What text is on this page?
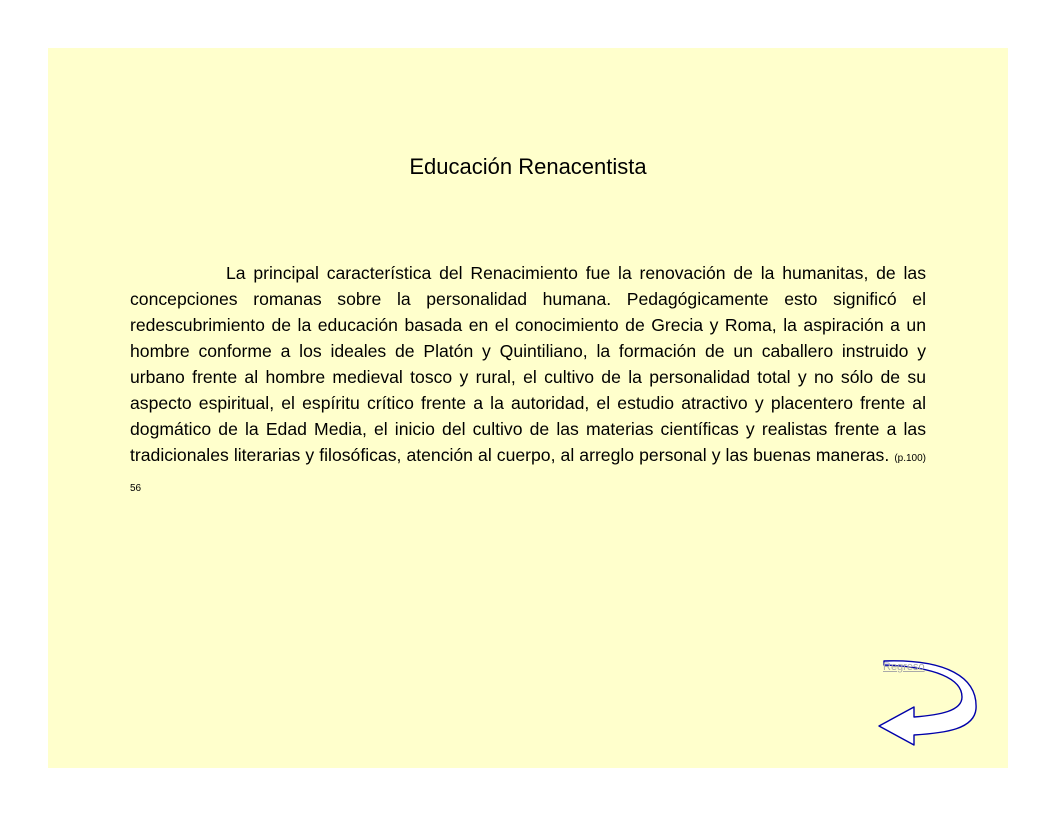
Educación Renacentista

La principal característica del Renacimiento fue la renovación de la humanitas, de las concepciones romanas sobre la personalidad humana. Pedagógicamente esto significó el redescubrimiento de la educación basada en el conocimiento de Grecia y Roma, la aspiración a un hombre conforme a los ideales de Platón y Quintiliano, la formación de un caballero instruido y urbano frente al hombre medieval tosco y rural, el cultivo de la personalidad total y no sólo de su aspecto espiritual, el espíritu crítico frente a la autoridad, el estudio atractivo y placentero frente al dogmático de la Edad Media, el inicio del cultivo de las materias científicas y realistas frente a las tradicionales literarias y filosóficas, atención al cuerpo, al arreglo personal y las buenas maneras. (p.100) 56

Regreso
